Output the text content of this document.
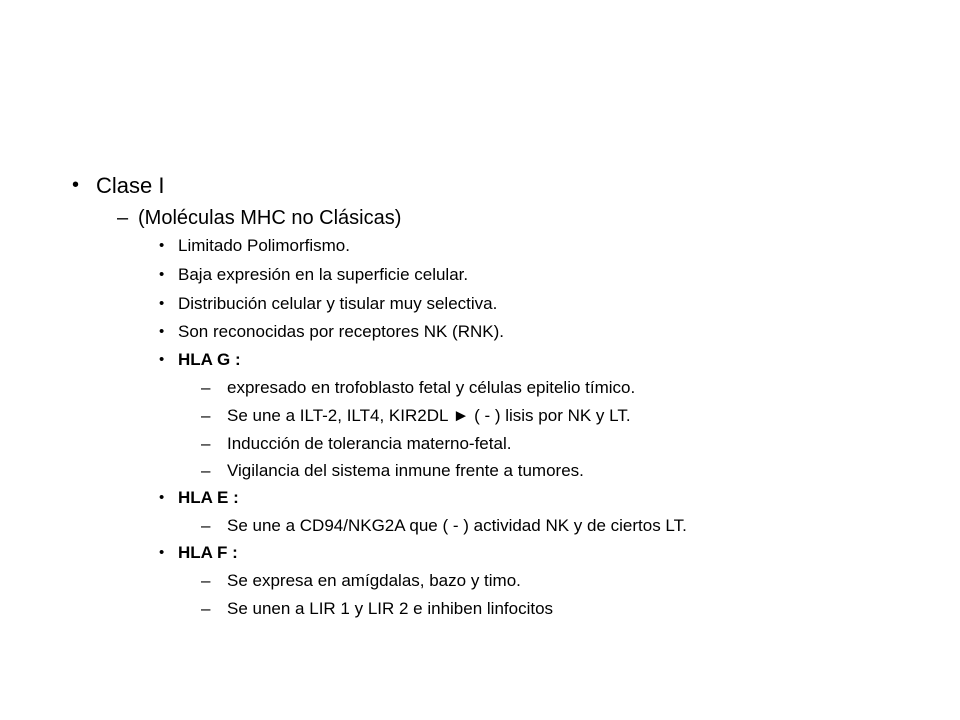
• Clase I
– (Moléculas MHC no Clásicas)
• Limitado Polimorfismo.
• Baja expresión en la superficie celular.
• Distribución celular y tisular muy selectiva.
• Son reconocidas por receptores NK (RNK).
• HLA G :
– expresado en trofoblasto fetal y células epitelio tímico.
– Se une a ILT-2, ILT4, KIR2DL ► ( - ) lisis por NK y LT.
– Inducción de tolerancia materno-fetal.
– Vigilancia del sistema inmune frente a tumores.
• HLA E :
– Se une a CD94/NKG2A que ( - ) actividad NK y de ciertos LT.
• HLA F :
– Se expresa en amígdalas, bazo y timo.
– Se unen a LIR 1 y LIR 2 e inhiben linfocitos
